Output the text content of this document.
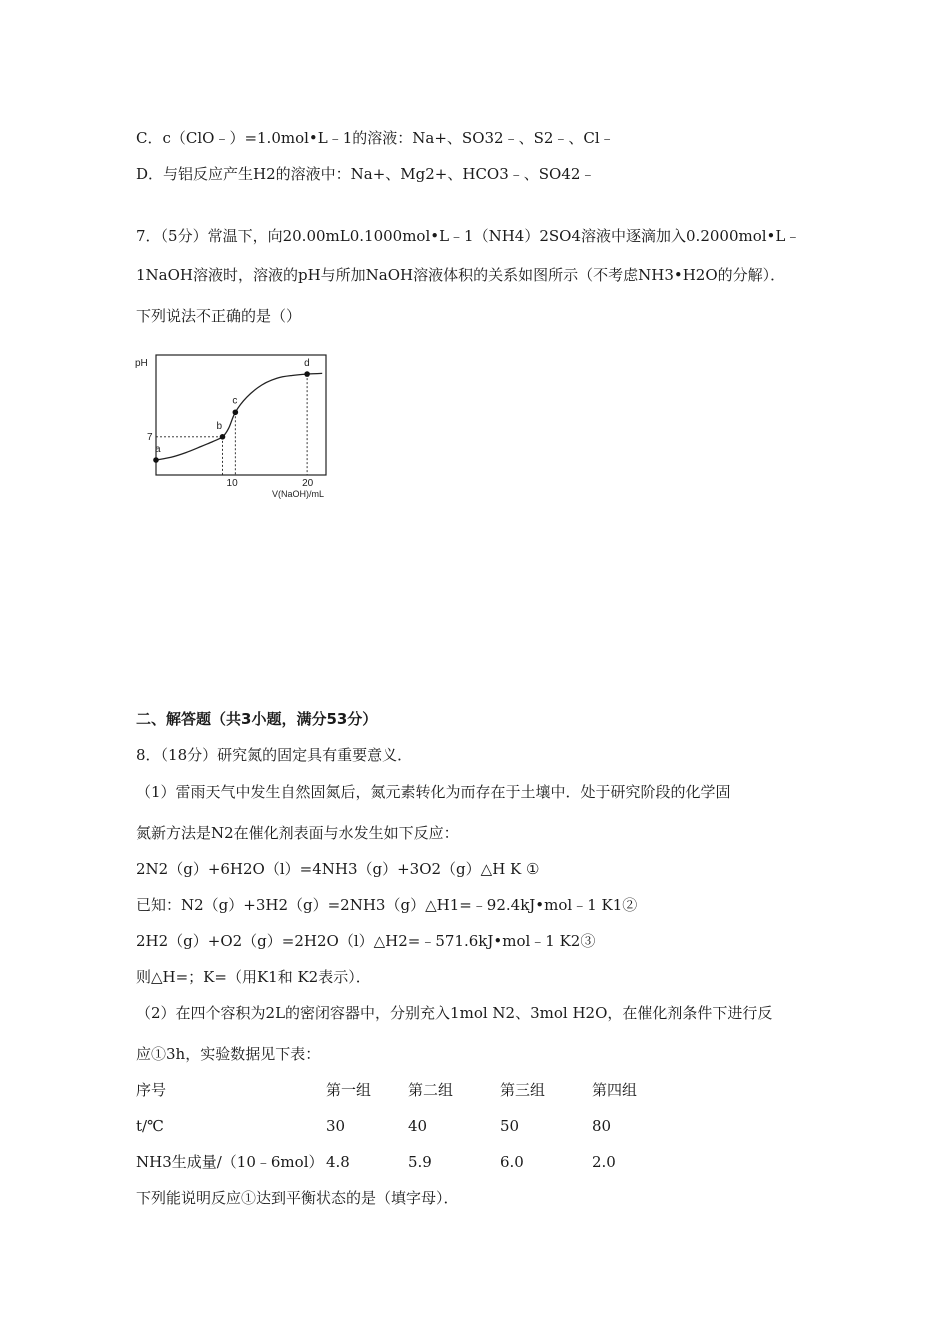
C．c（ClO﹣）=1.0mol•L﹣1的溶液：Na+、SO32﹣、S2﹣、Cl﹣
D．与铝反应产生H2的溶液中：Na+、Mg2+、HCO3﹣、SO42﹣
7．（5分）常温下，向20.00mL0.1000mol•L﹣1（NH4）2SO4溶液中逐滴加入0.2000mol•L﹣
1NaOH溶液时，溶液的pH与所加NaOH溶液体积的关系如图所示（不考虑NH3•H2O的分解）．
下列说法不正确的是（）
a
b
c
d
pH
V(NaOH)/mL
7
10	20
二、解答题（共3小题，满分53分）
8．（18分）研究氮的固定具有重要意义．
（1）雷雨天气中发生自然固氮后，氮元素转化为而存在于土壤中．处于研究阶段的化学固
氮新方法是N2在催化剂表面与水发生如下反应：
2N2（g）+6H2O（l）=4NH3（g）+3O2（g）△H K ①
已知：N2（g）+3H2（g）=2NH3（g）△H1=﹣92.4kJ•mol﹣1 K1②
2H2（g）+O2（g）=2H2O（l）△H2=﹣571.6kJ•mol﹣1 K2③
则△H=；K=（用K1和 K2表示）．
（2）在四个容积为2L的密闭容器中，分别充入1mol N2、3mol H2O，在催化剂条件下进行反
应①3h，实验数据见下表：
序号	第一组 第二组	第三组	第四组
t/℃	30	40	50	80
NH3生成量/（10﹣6mol） 4.8	5.9	6.0	2.0
下列能说明反应①达到平衡状态的是（填字母）．
